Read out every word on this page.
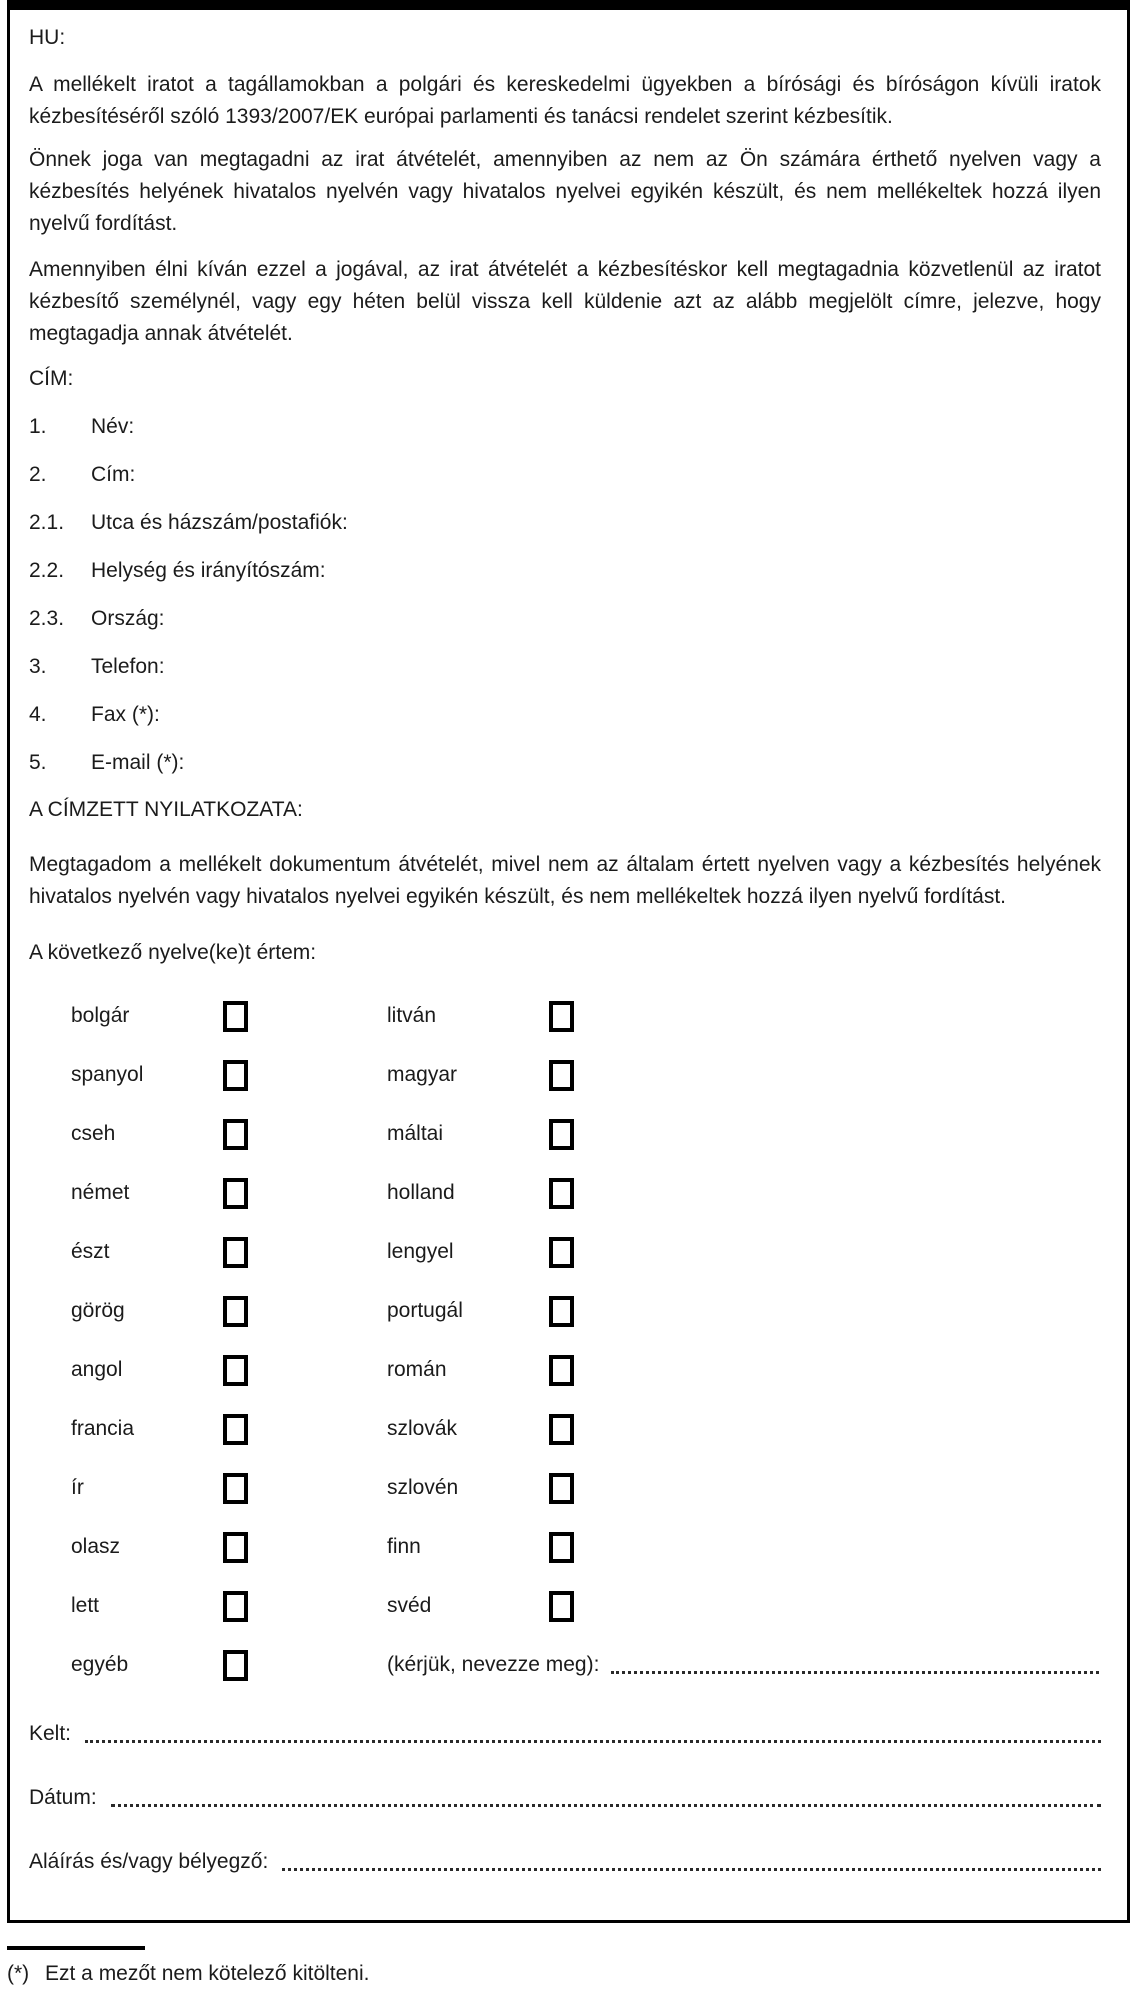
HU:

A mellékelt iratot a tagállamokban a polgári és kereskedelmi ügyekben a bírósági és bíróságon kívüli iratok kézbesítéséről szóló 1393/2007/EK európai parlamenti és tanácsi rendelet szerint kézbesítik.

Önnek joga van megtagadni az irat átvételét, amennyiben az nem az Ön számára érthető nyelven vagy a kézbesítés helyének hivatalos nyelvén vagy hivatalos nyelvei egyikén készült, és nem mellékeltek hozzá ilyen nyelvű fordítást.

Amennyiben élni kíván ezzel a jogával, az irat átvételét a kézbesítéskor kell megtagadnia közvetlenül az iratot kézbesítő személynél, vagy egy héten belül vissza kell küldenie azt az alább megjelölt címre, jelezve, hogy megtagadja annak átvételét.

CÍM:
1.	Név:
2.	Cím:
2.1.	Utca és házszám/postafiók:
2.2.	Helység és irányítószám:
2.3.	Ország:
3.	Telefon:
4.	Fax (*):
5.	E-mail (*):
A CÍMZETT NYILATKOZATA:

Megtagadom a mellékelt dokumentum átvételét, mivel nem az általam értett nyelven vagy a kézbesítés helyének hivatalos nyelvén vagy hivatalos nyelvei egyikén készült, és nem mellékeltek hozzá ilyen nyelvű fordítást.

A következő nyelve(ke)t értem:
bolgár	litván
spanyol	magyar
cseh	máltai
német	holland
észt	lengyel
görög	portugál
angol	román
francia	szlovák
ír	szlovén
olasz	finn
lett	svéd
egyéb	(kérjük, nevezze meg):
Kelt:
Dátum:
Aláírás és/vagy bélyegző:
(*) Ezt a mezőt nem kötelező kitölteni.
